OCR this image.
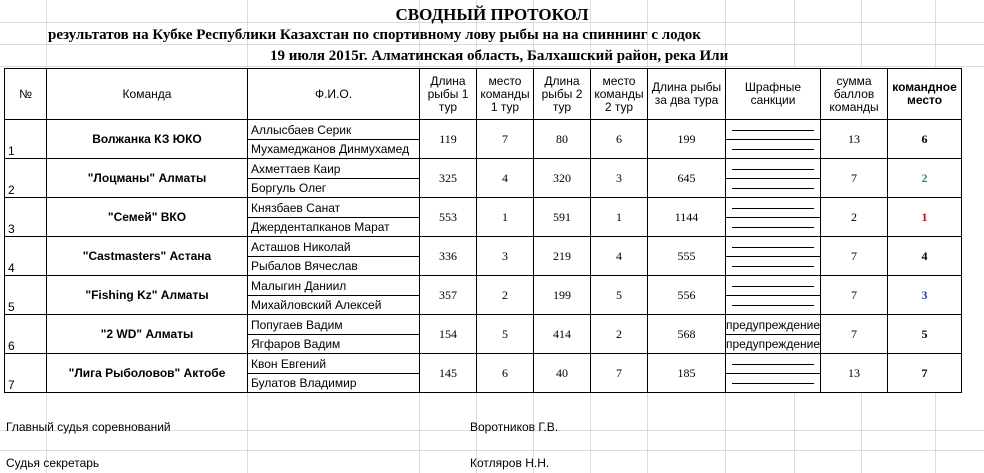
СВОДНЫЙ ПРОТОКОЛ
результатов на Кубке Республики Казахстан по спортивному лову рыбы на на спиннинг с лодок
19 июля 2015г. Алматинская область, Балхашский район, река Или
№	Команда	Ф.И.О.	Длина рыбы 1 тур	место команды 1 тур	Длина рыбы 2 тур	место команды 2 тур	Длина рыбы за два тура	Шрафные санкции	сумма баллов команды	командное место
1	Волжанка КЗ ЮКО	Аллысбаев Серик	119	7	80	6	199		13	6
		Мухамеджанов Динмухамед								

2	"Лоцманы" Алматы	Ахметтаев Каир	325	4	320	3	645		7	2
		Боргуль Олег								

3	"Семей" ВКО	Князбаев Санат	553	1	591	1	1144		2	1
		Джердентапканов Марат								

4	"Castmasters" Астана	Асташов Николай	336	3	219	4	555		7	4
		Рыбалов Вячеслав								

5	"Fishing Kz" Алматы	Малыгин Даниил	357	2	199	5	556		7	3
		Михайловский Алексей								

6	"2 WD" Алматы	Попугаев Вадим	154	5	414	2	568	предупреждение	7	5
		Ягфаров Вадим						предупреждение		
7	"Лига Рыболовов" Актобе	Квон Евгений	145	6	40	7	185		13	7
		Булатов Владимир								
Главный судья соревнований	Воротников Г.В.
Судья секретарь	Котляров Н.Н.
